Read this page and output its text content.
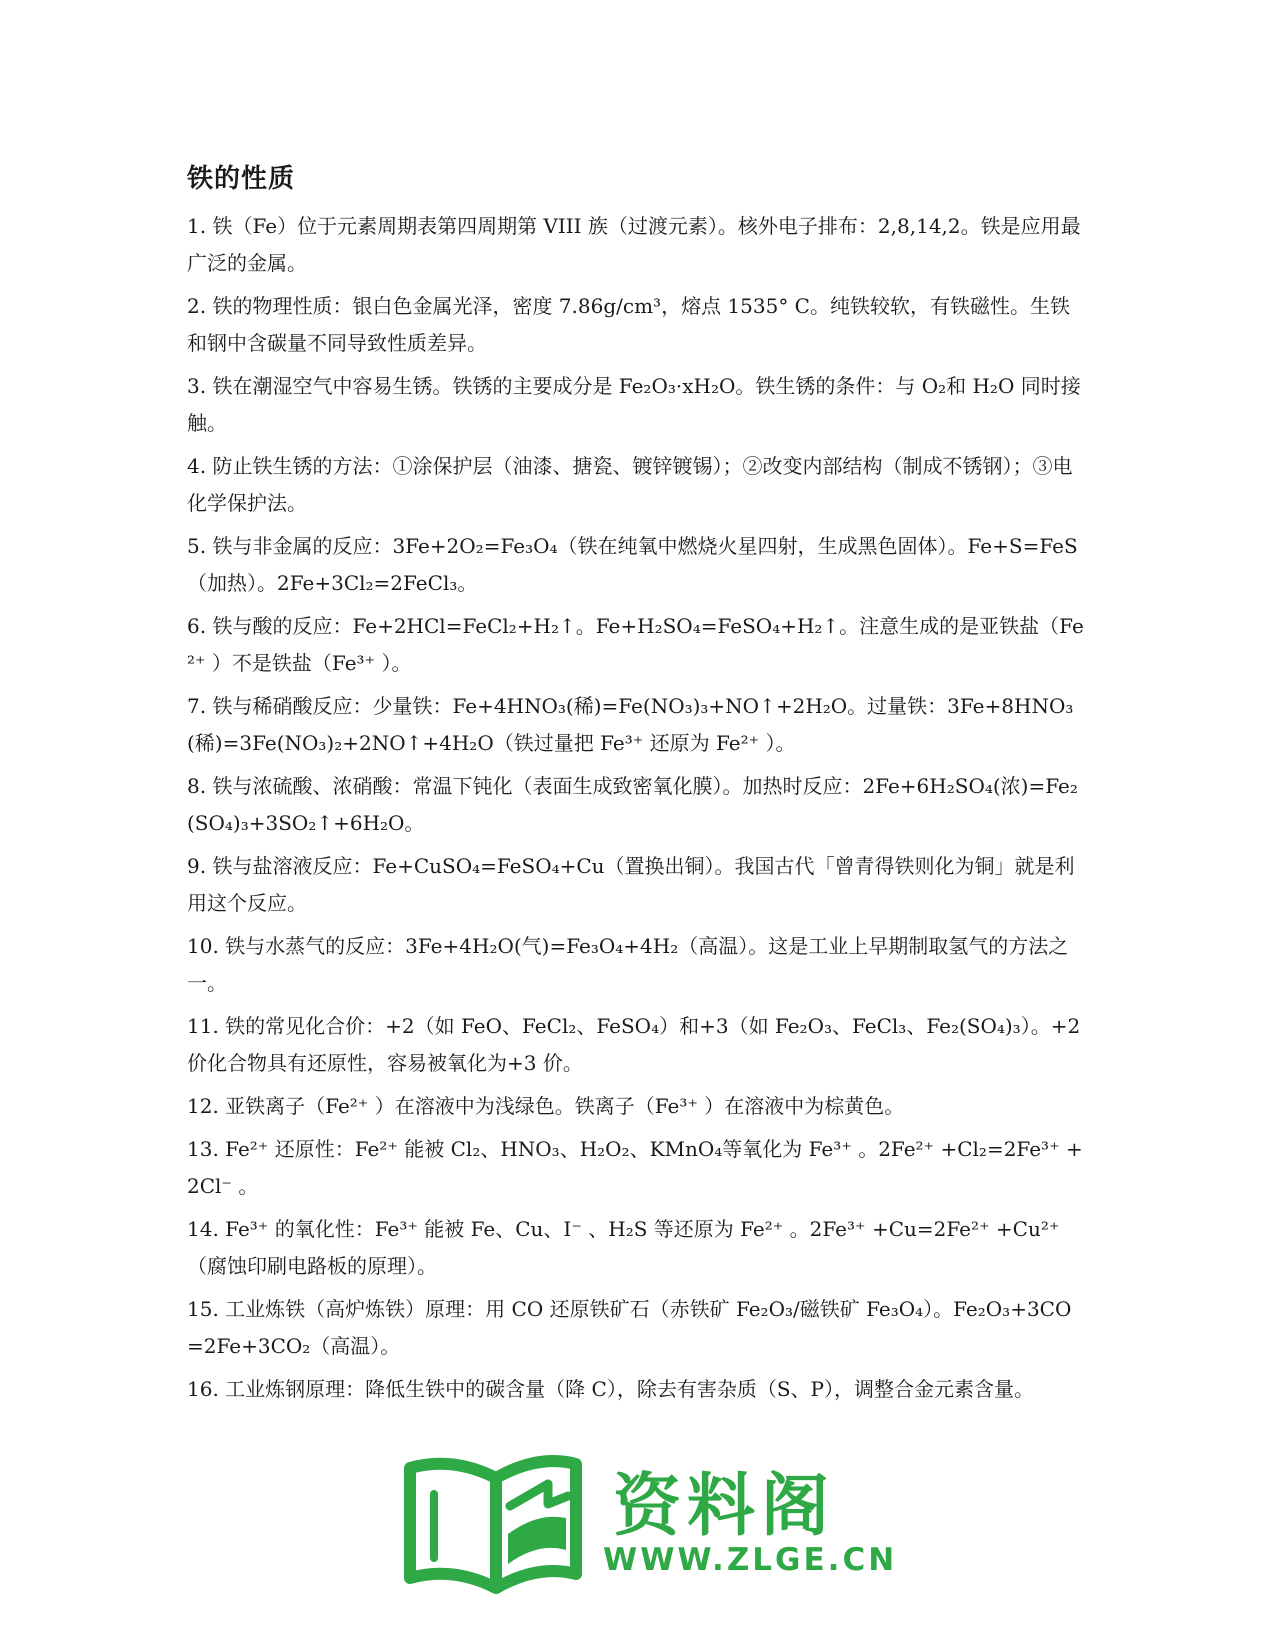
铁的性质

1. 铁（Fe）位于元素周期表第四周期第 VIII 族（过渡元素）。核外电子排布：2,8,14,2。铁是应用最广泛的金属。

2. 铁的物理性质：银白色金属光泽，密度 7.86g/cm³，熔点 1535° C。纯铁较软，有铁磁性。生铁和钢中含碳量不同导致性质差异。

3. 铁在潮湿空气中容易生锈。铁锈的主要成分是 Fe₂O₃·xH₂O。铁生锈的条件：与 O₂和 H₂O 同时接触。

4. 防止铁生锈的方法：①涂保护层（油漆、搪瓷、镀锌镀锡）；②改变内部结构（制成不锈钢）；③电化学保护法。

5. 铁与非金属的反应：3Fe+2O₂=Fe₃O₄（铁在纯氧中燃烧火星四射，生成黑色固体）。Fe+S=FeS（加热）。2Fe+3Cl₂=2FeCl₃。

6. 铁与酸的反应：Fe+2HCl=FeCl₂+H₂↑。Fe+H₂SO₄=FeSO₄+H₂↑。注意生成的是亚铁盐（Fe²⁺ ）不是铁盐（Fe³⁺ ）。

7. 铁与稀硝酸反应：少量铁：Fe+4HNO₃(稀)=Fe(NO₃)₃+NO↑+2H₂O。过量铁：3Fe+8HNO₃(稀)=3Fe(NO₃)₂+2NO↑+4H₂O（铁过量把 Fe³⁺ 还原为 Fe²⁺ ）。

8. 铁与浓硫酸、浓硝酸：常温下钝化（表面生成致密氧化膜）。加热时反应：2Fe+6H₂SO₄(浓)=Fe₂(SO₄)₃+3SO₂↑+6H₂O。

9. 铁与盐溶液反应：Fe+CuSO₄=FeSO₄+Cu（置换出铜）。我国古代「曾青得铁则化为铜」就是利用这个反应。

10. 铁与水蒸气的反应：3Fe+4H₂O(气)=Fe₃O₄+4H₂（高温）。这是工业上早期制取氢气的方法之一。

11. 铁的常见化合价：+2（如 FeO、FeCl₂、FeSO₄）和+3（如 Fe₂O₃、FeCl₃、Fe₂(SO₄)₃）。+2 价化合物具有还原性，容易被氧化为+3 价。

12. 亚铁离子（Fe²⁺ ）在溶液中为浅绿色。铁离子（Fe³⁺ ）在溶液中为棕黄色。

13. Fe²⁺ 还原性：Fe²⁺ 能被 Cl₂、HNO₃、H₂O₂、KMnO₄等氧化为 Fe³⁺ 。2Fe²⁺ +Cl₂=2Fe³⁺ +2Cl⁻ 。

14. Fe³⁺ 的氧化性：Fe³⁺ 能被 Fe、Cu、I⁻ 、H₂S 等还原为 Fe²⁺ 。2Fe³⁺ +Cu=2Fe²⁺ +Cu²⁺ （腐蚀印刷电路板的原理）。

15. 工业炼铁（高炉炼铁）原理：用 CO 还原铁矿石（赤铁矿 Fe₂O₃/磁铁矿 Fe₃O₄）。Fe₂O₃+3CO=2Fe+3CO₂（高温）。

16. 工业炼钢原理：降低生铁中的碳含量（降 C），除去有害杂质（S、P），调整合金元素含量。

资料阁
WWW.ZLGE.CN
